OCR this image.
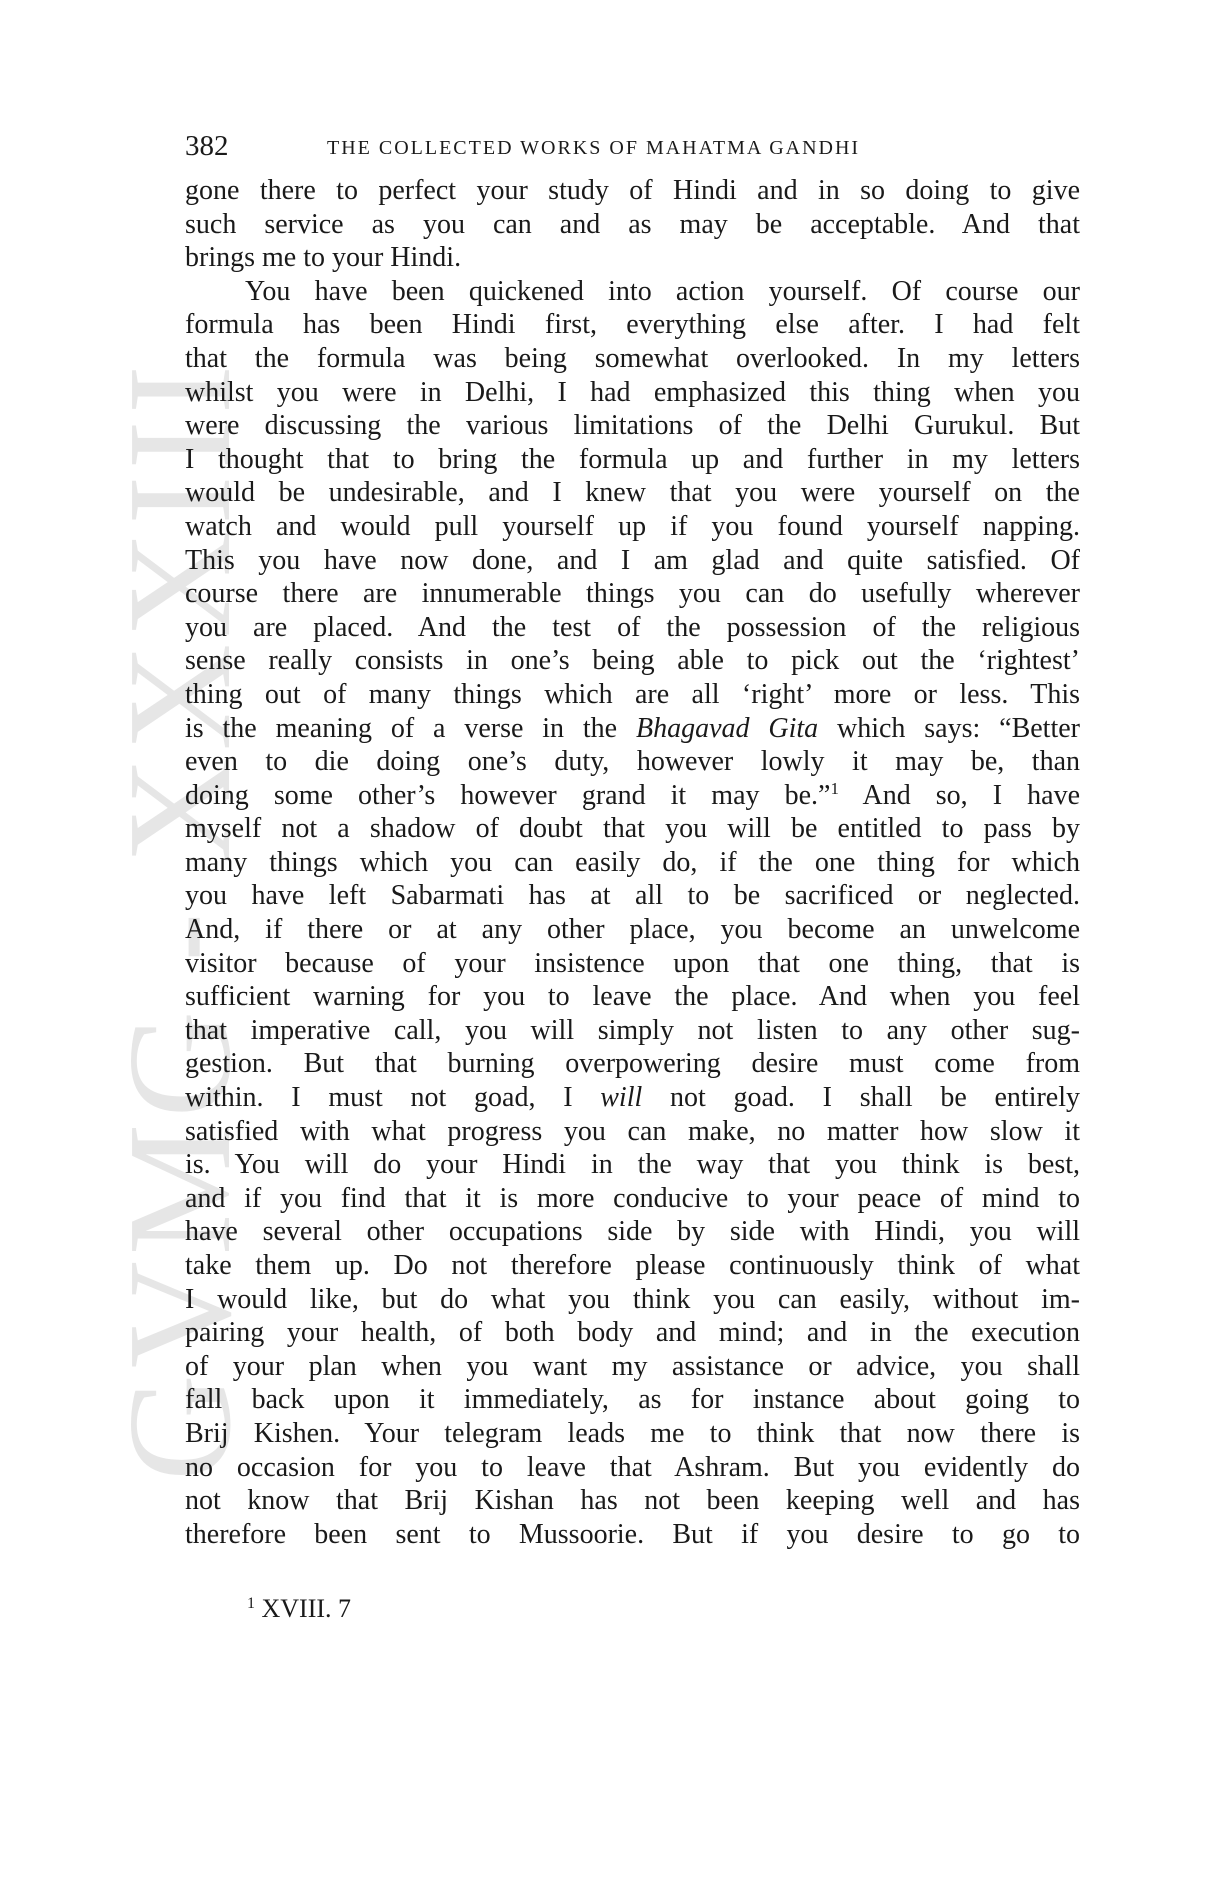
GVMG - XXXIII
382	THE COLLECTED WORKS OF MAHATMA GANDHI
gone there to perfect your study of Hindi and in so doing to give
such service as you can and as may be acceptable. And that
brings me to your Hindi.
You have been quickened into action yourself. Of course our
formula has been Hindi first, everything else after. I had felt
that the formula was being somewhat overlooked. In my letters
whilst you were in Delhi, I had emphasized this thing when you
were discussing the various limitations of the Delhi Gurukul. But
I thought that to bring the formula up and further in my letters
would be undesirable, and I knew that you were yourself on the
watch and would pull yourself up if you found yourself napping.
This you have now done, and I am glad and quite satisfied. Of
course there are innumerable things you can do usefully wherever
you are placed. And the test of the possession of the religious
sense really consists in one’s being able to pick out the ‘rightest’
thing out of many things which are all ‘right’ more or less. This
is the meaning of a verse in the Bhagavad Gita which says: “Better
even to die doing one’s duty, however lowly it may be, than
doing some other’s however grand it may be.”$^1$ And so, I have
myself not a shadow of doubt that you will be entitled to pass by
many things which you can easily do, if the one thing for which
you have left Sabarmati has at all to be sacrificed or neglected.
And, if there or at any other place, you become an unwelcome
visitor because of your insistence upon that one thing, that is
sufficient warning for you to leave the place. And when you feel
that imperative call, you will simply not listen to any other sug-
gestion. But that burning overpowering desire must come from
within. I must not goad, I will not goad. I shall be entirely
satisfied with what progress you can make, no matter how slow it
is. You will do your Hindi in the way that you think is best,
and if you find that it is more conducive to your peace of mind to
have several other occupations side by side with Hindi, you will
take them up. Do not therefore please continuously think of what
I would like, but do what you think you can easily, without im-
pairing your health, of both body and mind; and in the execution
of your plan when you want my assistance or advice, you shall
fall back upon it immediately, as for instance about going to
Brij Kishen. Your telegram leads me to think that now there is
no occasion for you to leave that Ashram. But you evidently do
not know that Brij Kishan has not been keeping well and has
therefore been sent to Mussoorie. But if you desire to go to
$^1$ XVIII. 7
